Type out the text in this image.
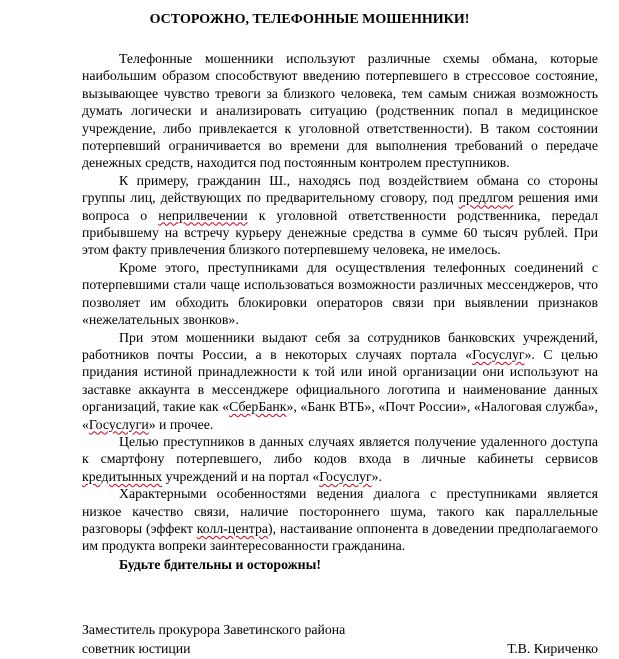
ОСТОРОЖНО, ТЕЛЕФОННЫЕ МОШЕННИКИ!

Телефонные мошенники используют различные схемы обмана, которые наибольшим образом способствуют введению потерпевшего в стрессовое состояние, вызывающее чувство тревоги за близкого человека, тем самым снижая возможность думать логически и анализировать ситуацию (родственник попал в медицинское учреждение, либо привлекается к уголовной ответственности). В таком состоянии потерпевший ограничивается во времени для выполнения требований о передаче денежных средств, находится под постоянным контролем преступников.

К примеру, гражданин Ш., находясь под воздействием обмана со стороны группы лиц, действующих по предварительному сговору, под предлгом решения ими вопроса о неприлвечении к уголовной ответственности родственника, передал прибывшему на встречу курьеру денежные средства в сумме 60 тысяч рублей. При этом факту привлечения близкого потерпевшему человека, не имелось.

Кроме этого, преступниками для осуществления телефонных соединений с потерпевшими стали чаще использоваться возможности различных мессенджеров, что позволяет им обходить блокировки операторов связи при выявлении признаков «нежелательных звонков».

При этом мошенники выдают себя за сотрудников банковских учреждений, работников почты России, а в некоторых случаях портала «Госуслуг». С целью придания истиной принадлежности к той или иной организации они используют на заставке аккаунта в мессенджере официального логотипа и наименование данных организаций, такие как «СберБанк», «Банк ВТБ», «Почт России», «Налоговая служба», «Госуслуги» и прочее.

Целью преступников в данных случаях является получение удаленного доступа к смартфону потерпевшего, либо кодов входа в личные кабинеты сервисов кредитынных учреждений и на портал «Госуслуг».

Характерными особенностями ведения диалога с преступниками является низкое качество связи, наличие постороннего шума, такого как параллельные разговоры (эффект колл-центра), настаивание оппонента в доведении предполагаемого им продукта вопреки заинтересованности гражданина.

Будьте бдительны и осторожны!

Заместитель прокурора Заветинского района
советник юстиции	Т.В. Кириченко
